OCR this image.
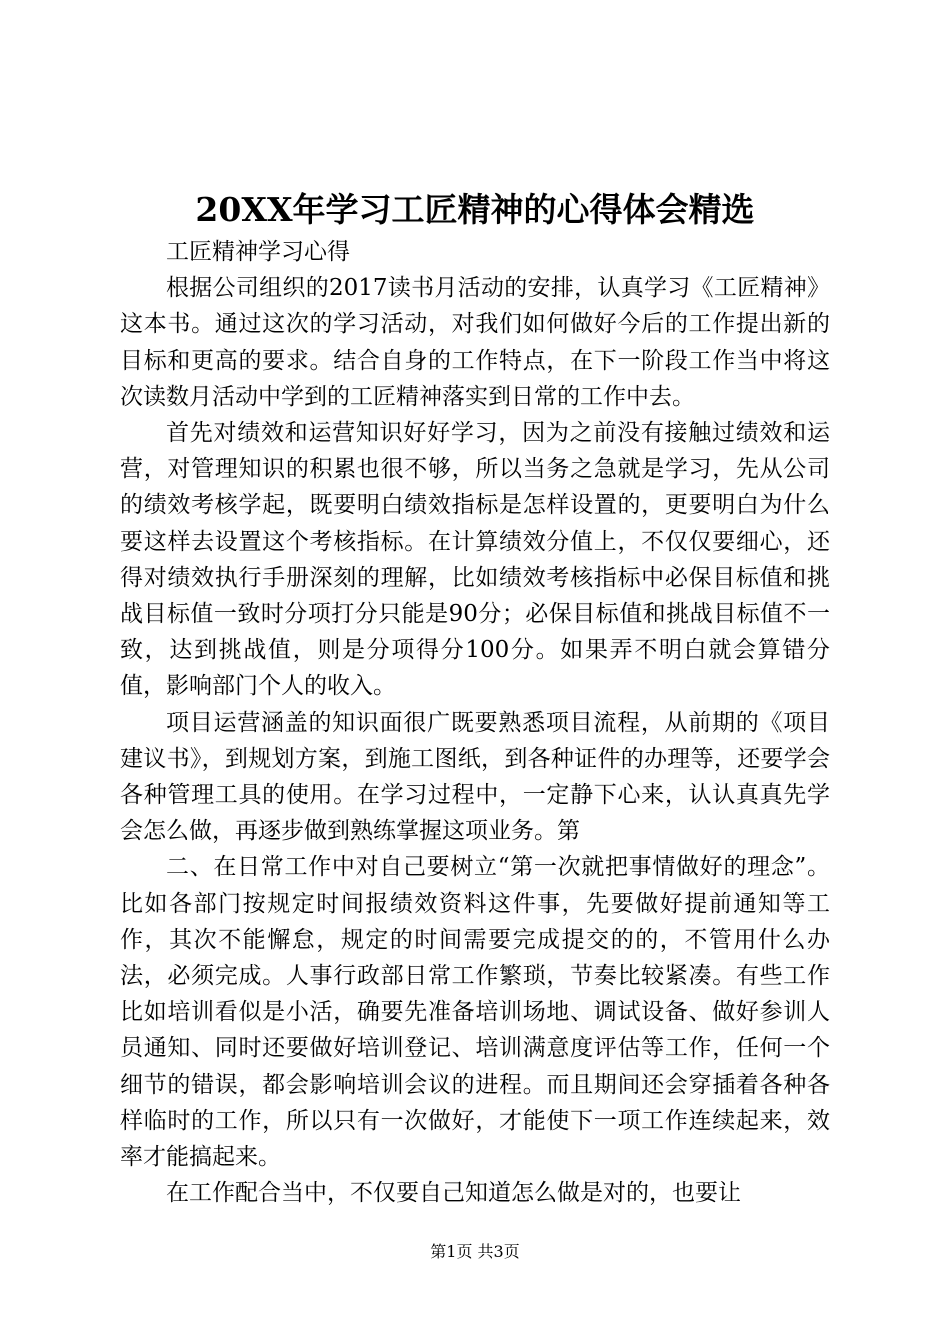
20XX年学习工匠精神的心得体会精选

工匠精神学习心得

根据公司组织的2017读书月活动的安排，认真学习《工匠精神》这本书。通过这次的学习活动，对我们如何做好今后的工作提出新的目标和更高的要求。结合自身的工作特点，在下一阶段工作当中将这次读数月活动中学到的工匠精神落实到日常的工作中去。

首先对绩效和运营知识好好学习，因为之前没有接触过绩效和运营，对管理知识的积累也很不够，所以当务之急就是学习，先从公司的绩效考核学起，既要明白绩效指标是怎样设置的，更要明白为什么要这样去设置这个考核指标。在计算绩效分值上，不仅仅要细心，还得对绩效执行手册深刻的理解，比如绩效考核指标中必保目标值和挑战目标值一致时分项打分只能是90分；必保目标值和挑战目标值不一致，达到挑战值，则是分项得分100分。如果弄不明白就会算错分值，影响部门个人的收入。

项目运营涵盖的知识面很广既要熟悉项目流程，从前期的《项目建议书》，到规划方案，到施工图纸，到各种证件的办理等，还要学会各种管理工具的使用。在学习过程中，一定静下心来，认认真真先学会怎么做，再逐步做到熟练掌握这项业务。第

二、在日常工作中对自己要树立“第一次就把事情做好的理念”。比如各部门按规定时间报绩效资料这件事，先要做好提前通知等工作，其次不能懈怠，规定的时间需要完成提交的的，不管用什么办法，必须完成。人事行政部日常工作繁琐，节奏比较紧凑。有些工作比如培训看似是小活，确要先准备培训场地、调试设备、做好参训人员通知、同时还要做好培训登记、培训满意度评估等工作，任何一个细节的错误，都会影响培训会议的进程。而且期间还会穿插着各种各样临时的工作，所以只有一次做好，才能使下一项工作连续起来，效率才能搞起来。

在工作配合当中，不仅要自己知道怎么做是对的，也要让

第1页 共3页
